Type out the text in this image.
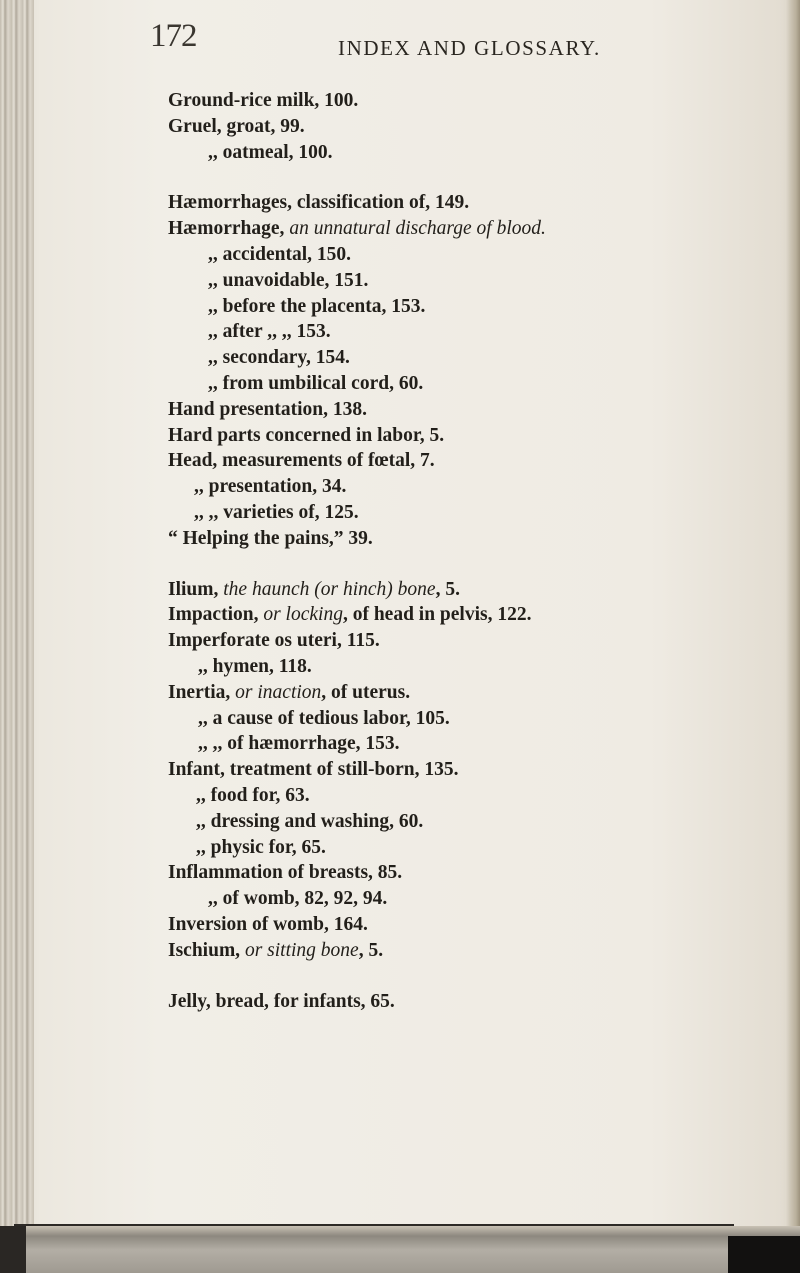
172	INDEX AND GLOSSARY.
Ground-rice milk, 100.
Gruel, groat, 99.
,, oatmeal, 100.
Hæmorrhages, classification of, 149.
Hæmorrhage, an unnatural discharge of blood.
,, accidental, 150.
,, unavoidable, 151.
,, before the placenta, 153.
,, after ,, ,, 153.
,, secondary, 154.
,, from umbilical cord, 60.
Hand presentation, 138.
Hard parts concerned in labor, 5.
Head, measurements of fœtal, 7.
,, presentation, 34.
,, ,, varieties of, 125.
“ Helping the pains,” 39.
Ilium, the haunch (or hinch) bone, 5.
Impaction, or locking, of head in pelvis, 122.
Imperforate os uteri, 115.
,, hymen, 118.
Inertia, or inaction, of uterus.
,, a cause of tedious labor, 105.
,, ,, of hæmorrhage, 153.
Infant, treatment of still-born, 135.
,, food for, 63.
,, dressing and washing, 60.
,, physic for, 65.
Inflammation of breasts, 85.
,, of womb, 82, 92, 94.
Inversion of womb, 164.
Ischium, or sitting bone, 5.
Jelly, bread, for infants, 65.
